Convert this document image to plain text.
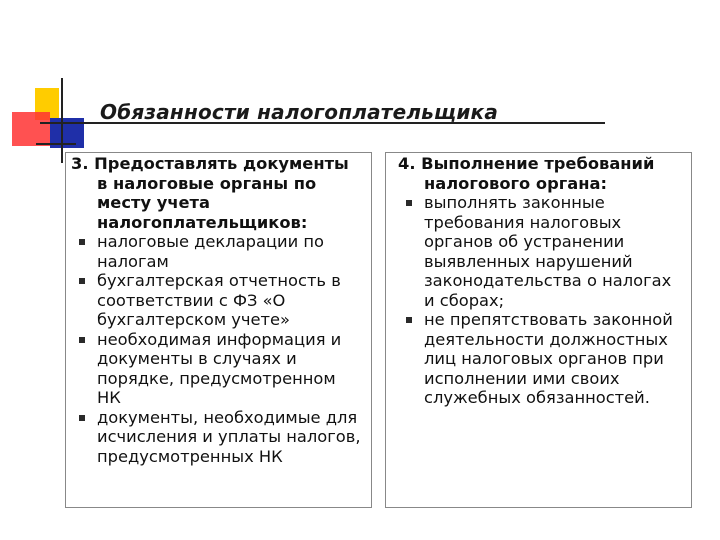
Обязанности налогоплательщика

3. Предоставлять документы в налоговые органы по месту учета налогоплательщиков:

налоговые декларации по налогам
бухгалтерская отчетность в соответствии с ФЗ «О бухгалтерском учете»
необходимая информация и документы в случаях и порядке, предусмотренном НК
документы, необходимые для исчисления и уплаты налогов, предусмотренных НК

4. Выполнение требований налогового органа:

выполнять законные требования налоговых органов об устранении выявленных нарушений законодательства о налогах и сборах;
не препятствовать законной деятельности должностных лиц налоговых органов при исполнении ими своих служебных обязанностей.
